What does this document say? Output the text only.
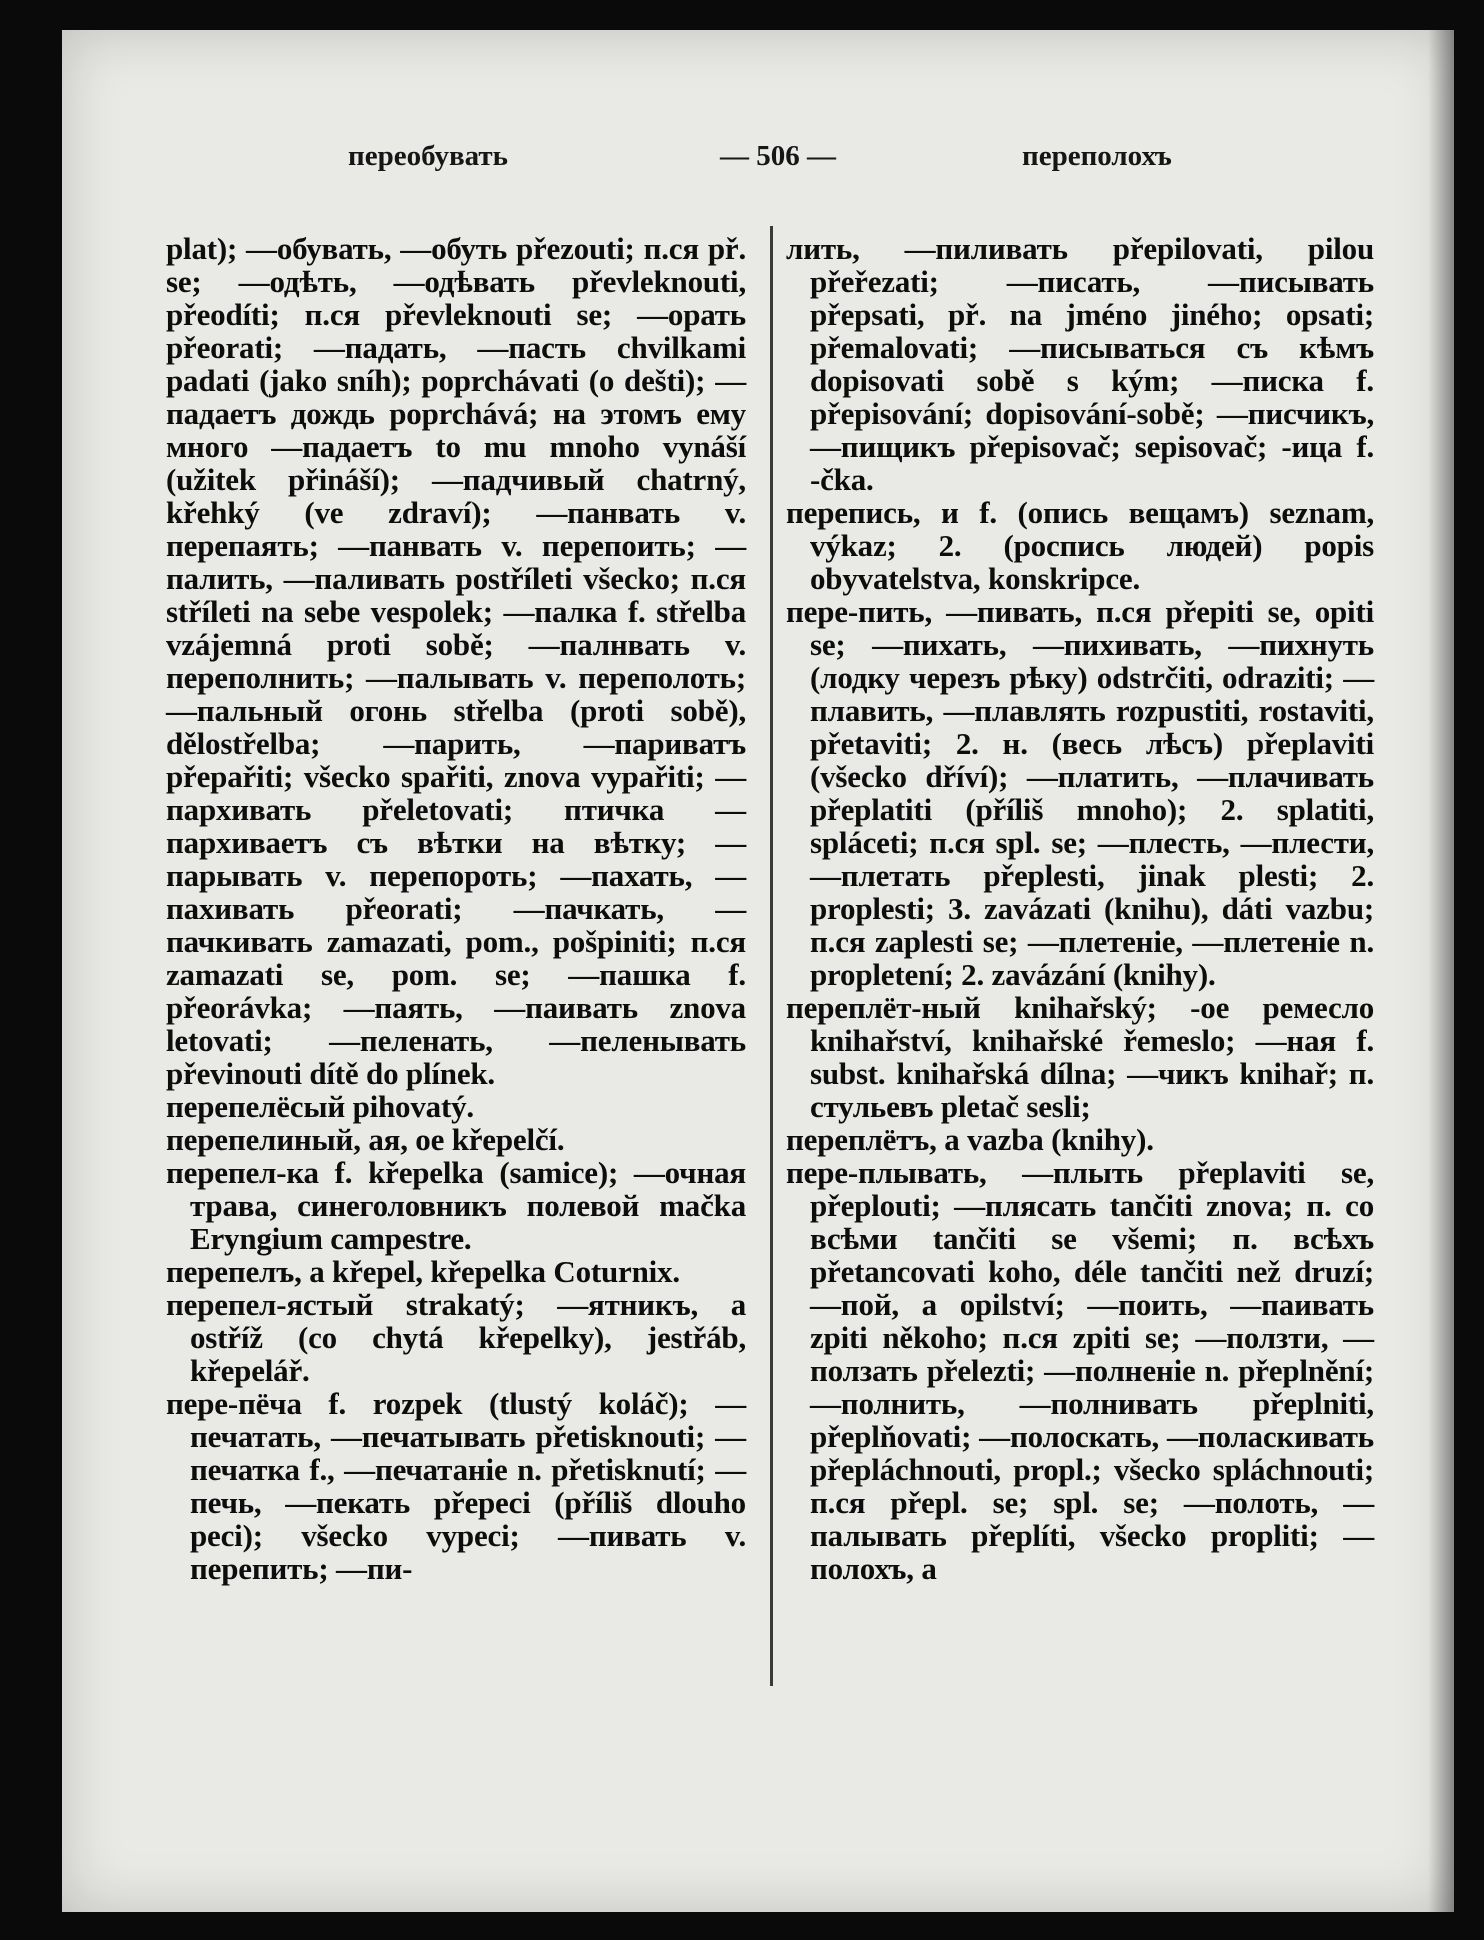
переобувать	— 506 —	переполохъ

plat); —обувать, —обуть přezouti; п.ся př. se; —одѣть, —одѣвать převleknouti, přeodíti; п.ся převleknouti se; —орать přeorati; —падать, —пасть chvilkami padati (jako sníh); poprchávati (o dešti); —падаетъ дождь poprchává; на этомъ ему много —падаетъ to mu mnoho vynáší (užitek přináší); —падчивый chatrný, křehký (ve zdraví); —панвать v. перепаять; —панвать v. перепоить; —палить, —паливать postříleti všecko; п.ся stříleti na sebe vespolek; —палка f. střelba vzájemná proti sobě; —палнвать v. переполнить; —палывать v. переполоть; —пальный огонь střelba (proti sobě), dělostřelba; —парить, —париватъ přepařiti; všecko spařiti, znova vypařiti; —пархивать přeletovati; птичка —пархиваетъ съ вѣтки на вѣтку; —парывать v. перепороть; —пахать, —пахивать přeorati; —пачкать, —пачкивать zamazati, pom., pošpiniti; п.ся zamazati se, pom. se; —пашка f. přeorávka; —паять, —паивать znova letovati; —пеленать, —пеленывать převinouti dítě do plínek.

перепелёсый pihovatý.

перепелиный, ая, ое křepelčí.

перепел-ка f. křepelka (samice); —очная трава, синеголовникъ полевой mačka Eryngium campestre.

перепелъ, a křepel, křepelka Coturnix.

перепел-ястый strakatý; —ятникъ, a ostříž (co chytá křepelky), jestřáb, křepelář.

пере-пёча f. rozpek (tlustý koláč); —печатать, —печатывать přetisknouti; —печатка f., —печатаніе n. přetisknutí; —печь, —пекать přepeci (příliš dlouho peci); všecko vypeci; —пивать v. перепить; —пи-

лить, —пиливать přepilovati, pilou přeřezati; —писать, —писывать přepsati, př. na jméno jiného; opsati; přemalovati; —писываться съ кѣмъ dopisovati sobě s kým; —писка f. přepisování; dopisování-sobě; —писчикъ, —пищикъ přepisovač; sepisovač; -ица f. -čka.

перепись, и f. (опись вещамъ) seznam, výkaz; 2. (роспись людей) popis obyvatelstva, konskripce.

пере-пить, —пивать, п.ся přepiti se, opiti se; —пихать, —пихивать, —пихнуть (лодку черезъ рѣку) odstrčiti, odraziti; —плавить, —плавлять rozpustiti, rostaviti, přetaviti; 2. н. (весь лѣсъ) přeplaviti (všecko dříví); —платить, —плачивать přeplatiti (příliš mnoho); 2. splatiti, spláceti; п.ся spl. se; —плесть, —плести, —плетать přeplesti, jinak plesti; 2. proplesti; 3. zavázati (knihu), dáti vazbu; п.ся zaplesti se; —плетеніе, —плетеніе n. propletení; 2. zavázání (knihy).

переплёт-ный knihařský; -ое ремесло knihařství, knihařské řemeslo; —ная f. subst. knihařská dílna; —чикъ knihař; п. стульевъ pletač sesli;

переплётъ, a vazba (knihy).

пере-плывать, —плыть přeplaviti se, přeplouti; —плясать tančiti znova; п. со всѣми tančiti se všemi; п. всѣхъ přetancovati koho, déle tančiti než druzí; —пой, a opilství; —поить, —паивать zpiti někoho; п.ся zpiti se; —ползти, —ползать přelezti; —полненіе n. přeplnění; —полнить, —полнивать přeplniti, přeplňovati; —полоскать, —поласкивать přepláchnouti, propl.; všecko spláchnouti; п.ся přepl. se; spl. se; —полоть, —палывать přeplíti, všecko propliti; —полохъ, a
